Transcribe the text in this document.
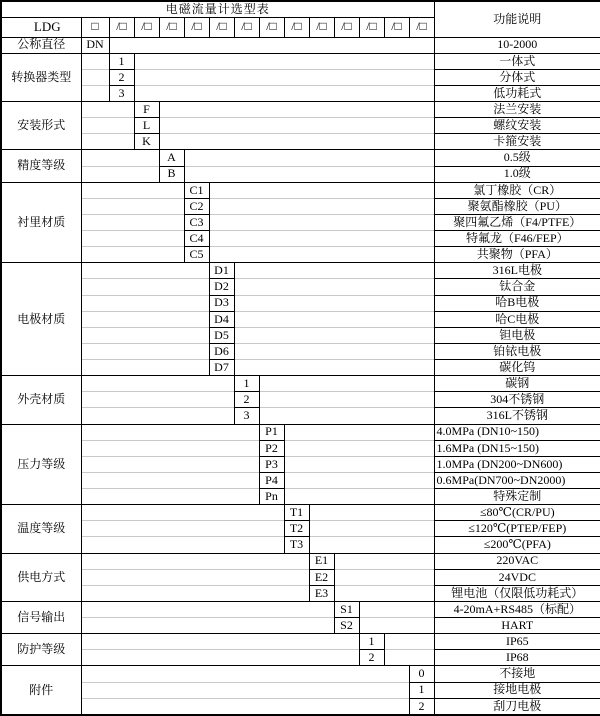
电磁流量计选型表															功能说明
LDG	□	/□	/□	/□	/□	/□	/□	/□	/□	/□	/□	/□	/□	/□	
公称直径	DN														10-2000
转换器类型		1													一体式
		2													分体式
		3													低功耗式
安装形式			F												法兰安装
			L												螺纹安装
			K												卡箍安装
精度等级				A											0.5级
				B											1.0级
衬里材质					C1										氯丁橡胶（CR）
					C2										聚氨酯橡胶（PU）
					C3										聚四氟乙烯（F4/PTFE）
					C4										特氟龙（F46/FEP）
					C5										共聚物（PFA）
电极材质						D1									316L电极
						D2									钛合金
						D3									哈B电极
						D4									哈C电极
						D5									钽电极
						D6									铂铱电极
						D7									碳化钨
外壳材质							1								碳钢
							2								304不锈钢
							3								316L不锈钢
压力等级								P1							4.0MPa (DN10~150)
								P2							1.6MPa (DN15~150)
								P3							1.0MPa (DN200~DN600)
								P4							0.6MPa(DN700~DN2000)
								Pn							特殊定制
温度等级									T1						≤80℃(CR/PU)
									T2						≤120℃(PTEP/FEP)
									T3						≤200℃(PFA)
供电方式										E1					220VAC
										E2					24VDC
										E3					锂电池（仅限低功耗式）
信号输出											S1				4-20mA+RS485（标配）
											S2				HART
防护等级												1			IP65
												2			IP68
附件														0	不接地
														1	接地电极
														2	刮刀电极
